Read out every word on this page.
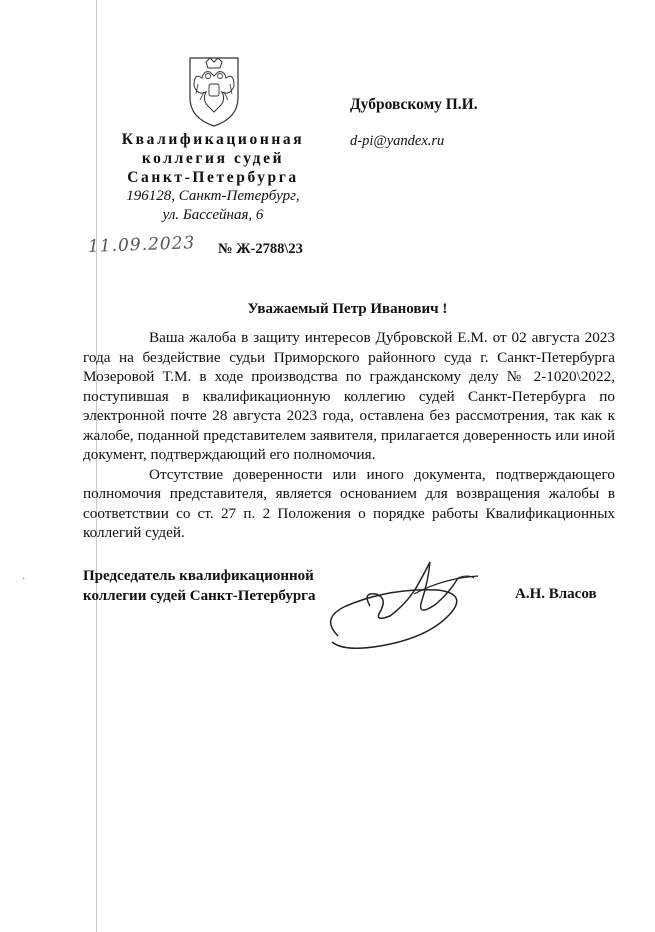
·
Квалификационная
коллегия судей
Санкт-Петербурга
196128, Санкт-Петербург,
ул. Бассейная, 6
Дубровскому П.И.
d-pi@yandex.ru
11.09.2023 № Ж-2788\23
Уважаемый Петр Иванович !

Ваша жалоба в защиту интересов Дубровской Е.М. от 02 августа 2023 года на бездействие судьи Приморского районного суда г. Санкт-Петербурга Мозеровой Т.М. в ходе производства по гражданскому делу № 2-1020\2022, поступившая в квалификационную коллегию судей Санкт-Петербурга по электронной почте 28 августа 2023 года, оставлена без рассмотрения, так как к жалобе, поданной представителем заявителя, прилагается доверенность или иной документ, подтверждающий его полномочия.

Отсутствие доверенности или иного документа, подтверждающего полномочия представителя, является основанием для возвращения жалобы в соответствии со ст. 27 п. 2 Положения о порядке работы Квалификационных коллегий судей.

Председатель квалификационной
коллегии судей Санкт-Петербурга	А.Н. Власов
